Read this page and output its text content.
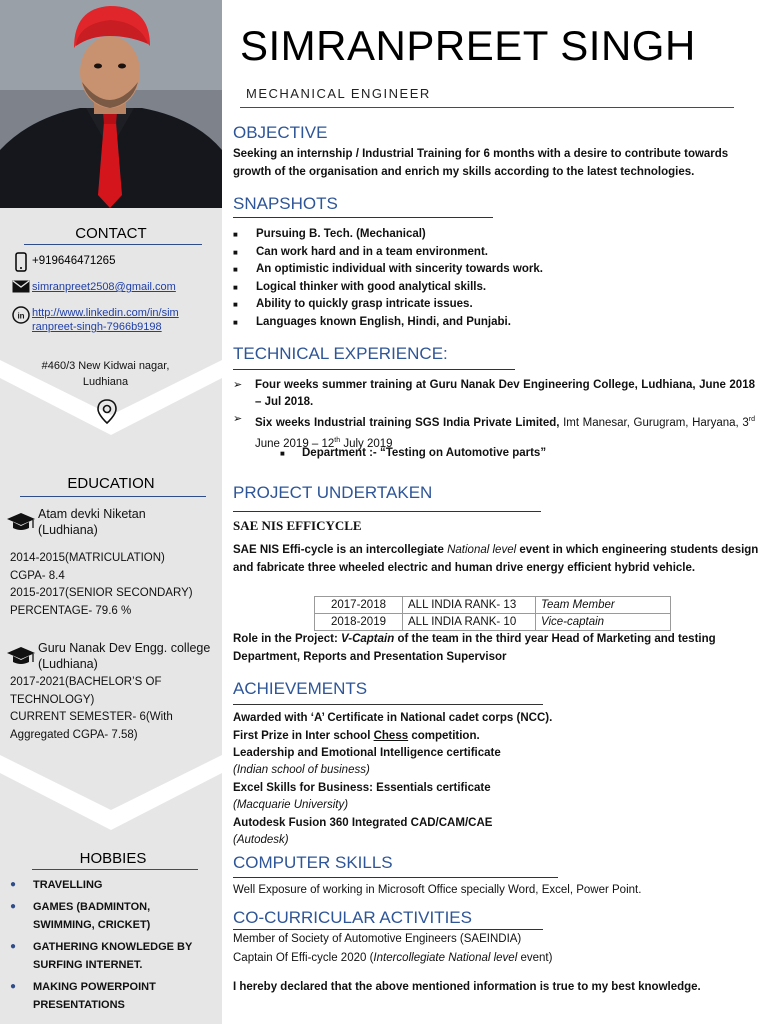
CONTACT
+919646471265
simranpreet2508@gmail.com
in http://www.linkedin.com/in/sim
ranpreet-singh-7966b9198
#460/3 New Kidwai nagar,
Ludhiana
EDUCATION
Atam devki Niketan
(Ludhiana)
2014-2015(MATRICULATION)
CGPA- 8.4
2015-2017(SENIOR SECONDARY)
PERCENTAGE- 79.6 %
Guru Nanak Dev Engg. college
(Ludhiana)
2017-2021(BACHELOR’S OF
TECHNOLOGY)
CURRENT SEMESTER- 6(With
Aggregated CGPA- 7.58)
HOBBIES
●	TRAVELLING
●	GAMES (BADMINTON,
SWIMMING, CRICKET)
●	GATHERING KNOWLEDGE BY
SURFING INTERNET.
●	MAKING POWERPOINT
PRESENTATIONS
SIMRANPREET SINGH
MECHANICAL ENGINEER
OBJECTIVE
Seeking an internship / Industrial Training for 6 months with a desire to contribute towards growth of the organisation and enrich my skills according to the latest technologies.
SNAPSHOTS
■	Pursuing B. Tech. (Mechanical)
■	Can work hard and in a team environment.
■	An optimistic individual with sincerity towards work.
■	Logical thinker with good analytical skills.
■	Ability to quickly grasp intricate issues.
■	Languages known English, Hindi, and Punjabi.
TECHNICAL EXPERIENCE:
➢	Four weeks summer training at Guru Nanak Dev Engineering College, Ludhiana, June 2018 – Jul 2018.
➢	Six weeks Industrial training SGS India Private Limited, Imt Manesar, Gurugram, Haryana, 3rd June 2019 – 12th July 2019
■	Department :- “Testing on Automotive parts”
PROJECT UNDERTAKEN
SAE NIS EFFICYCLE
SAE NIS Effi-cycle is an intercollegiate National level event in which engineering students design and fabricate three wheeled electric and human drive energy efficient hybrid vehicle.
2017-2018	ALL INDIA RANK- 13	Team Member
2018-2019	ALL INDIA RANK- 10	Vice-captain
Role in the Project: V-Captain of the team in the third year Head of Marketing and testing Department, Reports and Presentation Supervisor
ACHIEVEMENTS
Awarded with ‘A’ Certificate in National cadet corps (NCC).
First Prize in Inter school Chess competition.
Leadership and Emotional Intelligence certificate
(Indian school of business)
Excel Skills for Business: Essentials certificate
(Macquarie University)
Autodesk Fusion 360 Integrated CAD/CAM/CAE
(Autodesk)
COMPUTER SKILLS
Well Exposure of working in Microsoft Office specially Word, Excel, Power Point.
CO-CURRICULAR ACTIVITIES
Member of Society of Automotive Engineers (SAEINDIA)
Captain Of Effi-cycle 2020 (Intercollegiate National level event)
I hereby declared that the above mentioned information is true to my best knowledge.
